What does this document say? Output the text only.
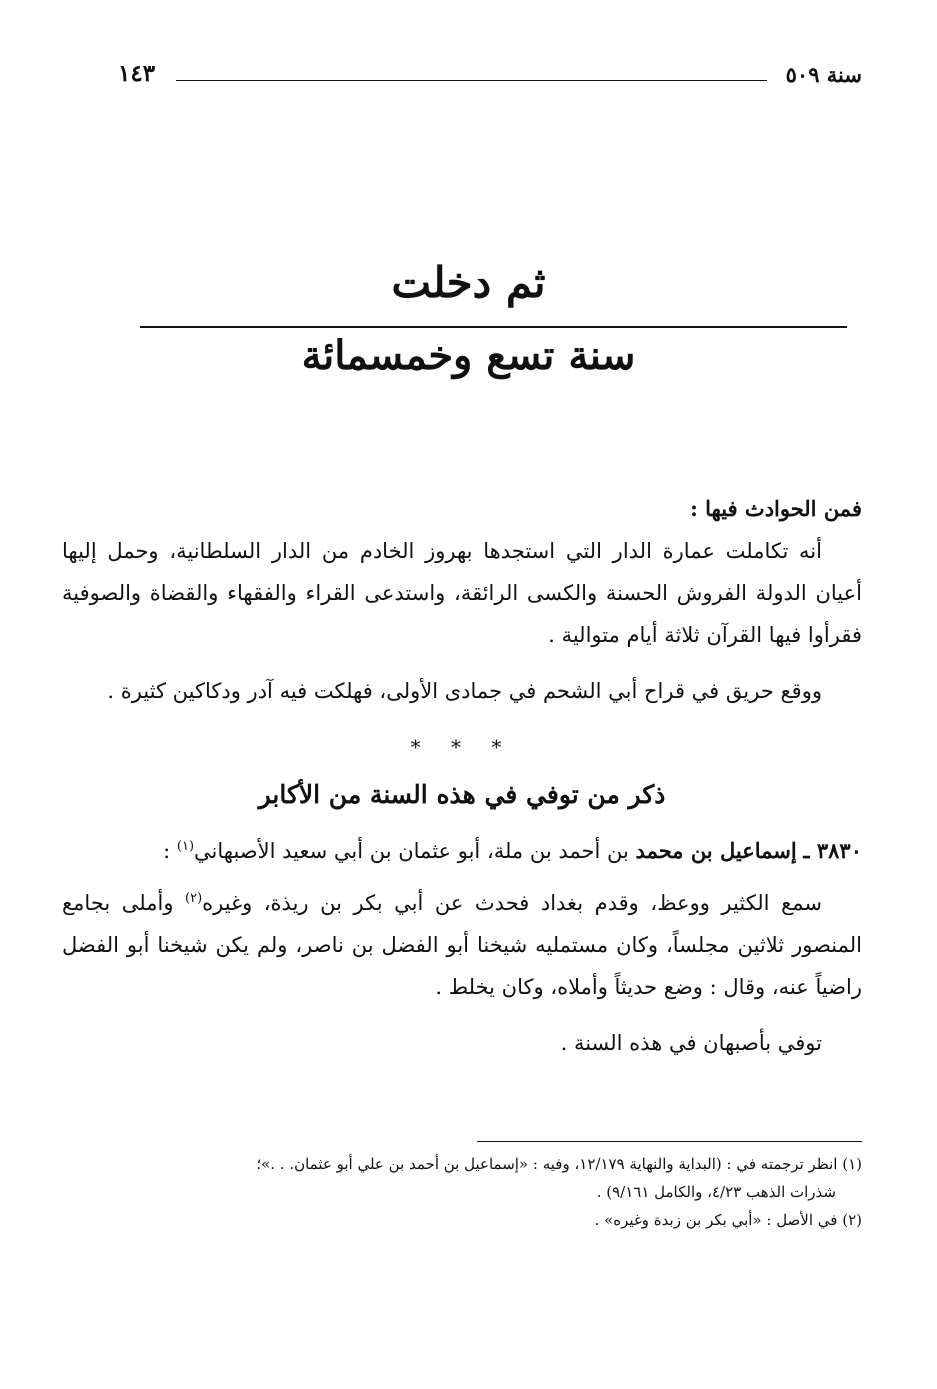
سنة ٥٠٩
١٤٣
ثم دخلت
سنة تسع وخمسمائة

فمن الحوادث فيها :

أنه تكاملت عمارة الدار التي استجدها بهروز الخادم من الدار السلطانية، وحمل إليها أعيان الدولة الفروش الحسنة والكسى الرائقة، واستدعى القراء والفقهاء والقضاة والصوفية فقرأوا فيها القرآن ثلاثة أيام متوالية .

ووقع حريق في قراح أبي الشحم في جمادى الأولى، فهلكت فيه آدر ودكاكين كثيرة .

* * *
ذكر من توفي في هذه السنة من الأكابر

٣٨٣٠ ـ إسماعيل بن محمد بن أحمد بن ملة، أبو عثمان بن أبي سعيد الأصبهاني$^{(١)}$ :

سمع الكثير ووعظ، وقدم بغداد فحدث عن أبي بكر بن ريذة، وغيره$^{(٢)}$ وأملى بجامع المنصور ثلاثين مجلساً، وكان مستمليه شيخنا أبو الفضل بن ناصر، ولم يكن شيخنا أبو الفضل راضياً عنه، وقال : وضع حديثاً وأملاه، وكان يخلط .

توفي بأصبهان في هذه السنة .

(١) انظر ترجمته في : (البداية والنهاية ١٢/١٧٩، وفيه : «إسماعيل بن أحمد بن علي أبو عثمان. . .»؛

شذرات الذهب ٤/٢٣، والكامل ٩/١٦١) .

(٢) في الأصل : «أبي بكر بن زبدة وغيره» .
